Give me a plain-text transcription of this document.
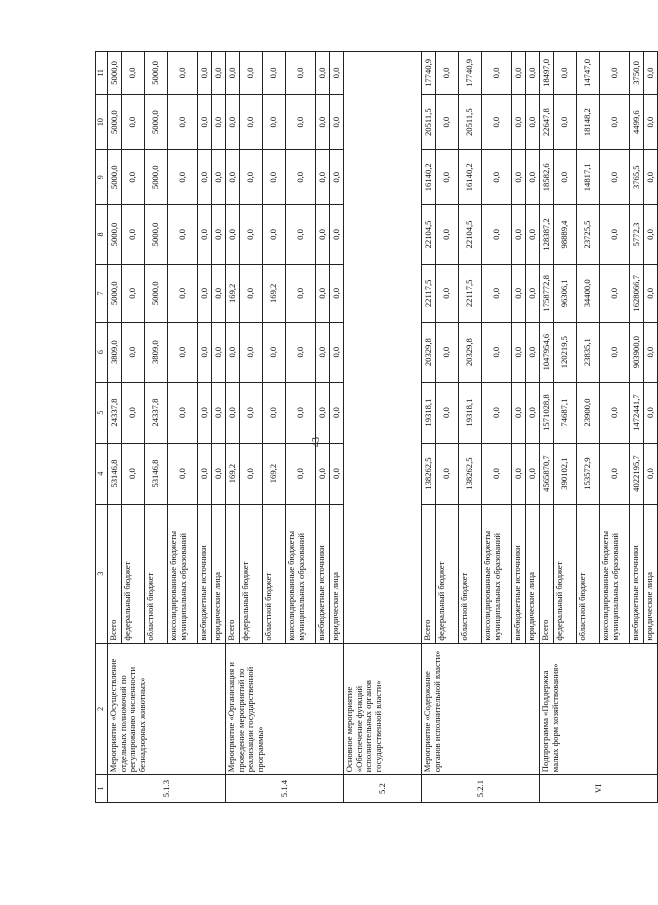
43
1	2	3	4	5	6	7	8	9	10	11
5.1.3	Мероприятие «Осуществление отдельных полномочий по регулированию численности безнадзорных животных»	Всего	53146,8	24337,8	3809,0	5000,0	5000,0	5000,0	5000,0	5000,0
		федеральный бюджет	0,0	0,0	0,0	0,0	0,0	0,0	0,0	0,0
		областной бюджет	53146,8	24337,8	3809,0	5000,0	5000,0	5000,0	5000,0	5000,0
		консолидированные бюджеты муниципальных образований	0,0	0,0	0,0	0,0	0,0	0,0	0,0	0,0
		внебюджетные источники	0,0	0,0	0,0	0,0	0,0	0,0	0,0	0,0
		юридические лица	0,0	0,0	0,0	0,0	0,0	0,0	0,0	0,0
5.1.4	Мероприятие «Организация и проведение мероприятий по реализации государственной программы»	Всего	169,2	0,0	0,0	169,2	0,0	0,0	0,0	0,0
		федеральный бюджет	0,0	0,0	0,0	0,0	0,0	0,0	0,0	0,0
		областной бюджет	169,2	0,0	0,0	169,2	0,0	0,0	0,0	0,0
		консолидированные бюджеты муниципальных образований	0,0	0,0	0,0	0,0	0,0	0,0	0,0	0,0
		внебюджетные источники	0,0	0,0	0,0	0,0	0,0	0,0	0,0	0,0
		юридические лица	0,0	0,0	0,0	0,0	0,0	0,0	0,0	0,0
5.2	Основное мероприятие «Обеспечение функций исполнительных органов государственной власти»									
5.2.1	Мероприятие «Содержание органов исполнительной власти»	Всего	138262,5	19318,1	20329,8	22117,5	22104,5	16140,2	20511,5	17740,9
		федеральный бюджет	0,0	0,0	0,0	0,0	0,0	0,0	0,0	0,0
		областной бюджет	138262,5	19318,1	20329,8	22117,5	22104,5	16140,2	20511,5	17740,9
		консолидированные бюджеты муниципальных образований	0,0	0,0	0,0	0,0	0,0	0,0	0,0	0,0
		внебюджетные источники	0,0	0,0	0,0	0,0	0,0	0,0	0,0	0,0
		юридические лица	0,0	0,0	0,0	0,0	0,0	0,0	0,0	0,0
VI	Подпрограмма «Поддержка малых форм хозяйствования»	Всего	4565870,7	1571028,8	1047954,6	1758772,8	128387,2	18582,6	22647,8	18497,0
		федеральный бюджет	390102,1	74687,1	120219,5	96306,1	98889,4	0,0	0,0	0,0
		областной бюджет	153572,9	23900,0	23835,1	34400,0	23725,5	14817,1	18148,2	14747,0
		консолидированные бюджеты муниципальных образований	0,0	0,0	0,0	0,0	0,0	0,0	0,0	0,0
		внебюджетные источники	4022195,7	1472441,7	903900,0	1628066,7	5772,3	3765,5	4499,6	3750,0
		юридические лица	0,0	0,0	0,0	0,0	0,0	0,0	0,0	0,0
